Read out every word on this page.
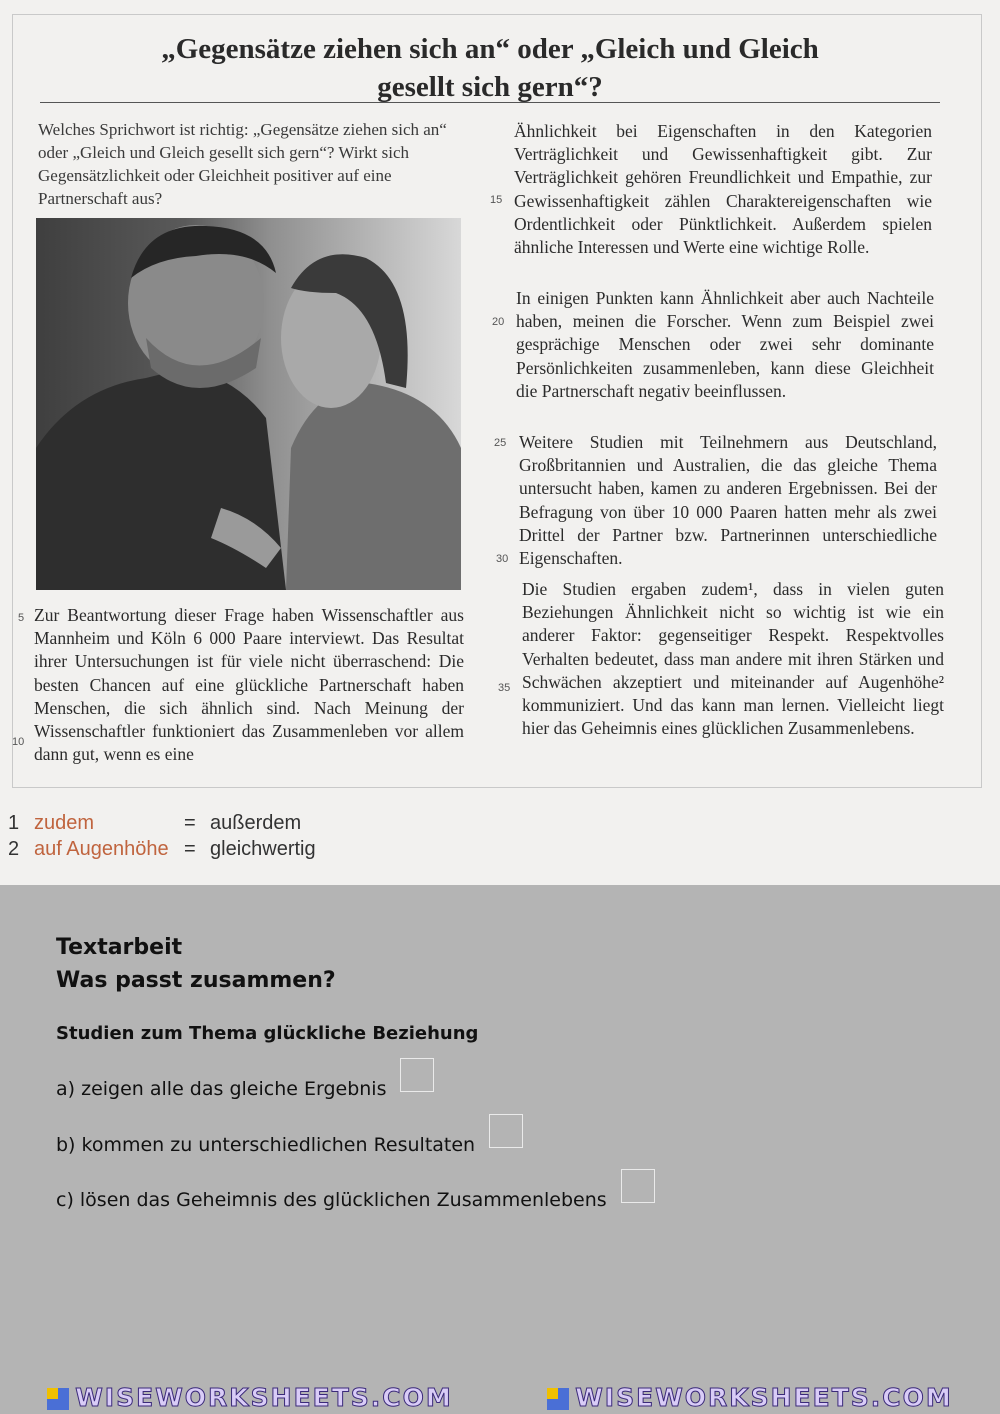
„Gegensätze ziehen sich an“ oder „Gleich und Gleich
gesellt sich gern“?
Welches Sprichwort ist richtig: „Gegensätze ziehen sich an“ oder „Gleich und Gleich gesellt sich gern“? Wirkt sich Gegensätzlichkeit oder Gleichheit positiver auf eine Partnerschaft aus?
Zur Beantwortung dieser Frage haben Wissenschaftler aus Mannheim und Köln 6 000 Paare interviewt. Das Resultat ihrer Untersuchungen ist für viele nicht überraschend: Die besten Chancen auf eine glückliche Partnerschaft haben Menschen, die sich ähnlich sind. Nach Meinung der Wissenschaftler funktioniert das Zusammenleben vor allem dann gut, wenn es eine
Ähnlichkeit bei Eigenschaften in den Kategorien Verträglichkeit und Gewissenhaftigkeit gibt. Zur Verträglichkeit gehören Freundlichkeit und Empathie, zur Gewissenhaftigkeit zählen Charaktereigenschaften wie Ordentlichkeit oder Pünktlichkeit. Außerdem spielen ähnliche Interessen und Werte eine wichtige Rolle.
In einigen Punkten kann Ähnlichkeit aber auch Nachteile haben, meinen die Forscher. Wenn zum Beispiel zwei gesprächige Menschen oder zwei sehr dominante Persönlichkeiten zusammenleben, kann diese Gleichheit die Partnerschaft negativ beeinflussen.
Weitere Studien mit Teilnehmern aus Deutschland, Großbritannien und Australien, die das gleiche Thema untersucht haben, kamen zu anderen Ergebnissen. Bei der Befragung von über 10 000 Paaren hatten mehr als zwei Drittel der Partner bzw. Partnerinnen unterschiedliche Eigenschaften.
Die Studien ergaben zudem¹, dass in vielen guten Beziehungen Ähnlichkeit nicht so wichtig ist wie ein anderer Faktor: gegenseitiger Respekt. Respektvolles Verhalten bedeutet, dass man andere mit ihren Stärken und Schwächen akzeptiert und miteinander auf Augenhöhe² kommuniziert. Und das kann man lernen. Vielleicht liegt hier das Geheimnis eines glücklichen Zusammenlebens.
5
10
15
20
25
30
35
1 zudem	= außerdem
2 auf Augenhöhe = gleichwertig
Textarbeit
Was passt zusammen?
Studien zum Thema glückliche Beziehung
a) zeigen alle das gleiche Ergebnis
b) kommen zu unterschiedlichen Resultaten
c) lösen das Geheimnis des glücklichen Zusammenlebens
WISEWORKSHEETS.COM	WISEWORKSHEETS.COM
